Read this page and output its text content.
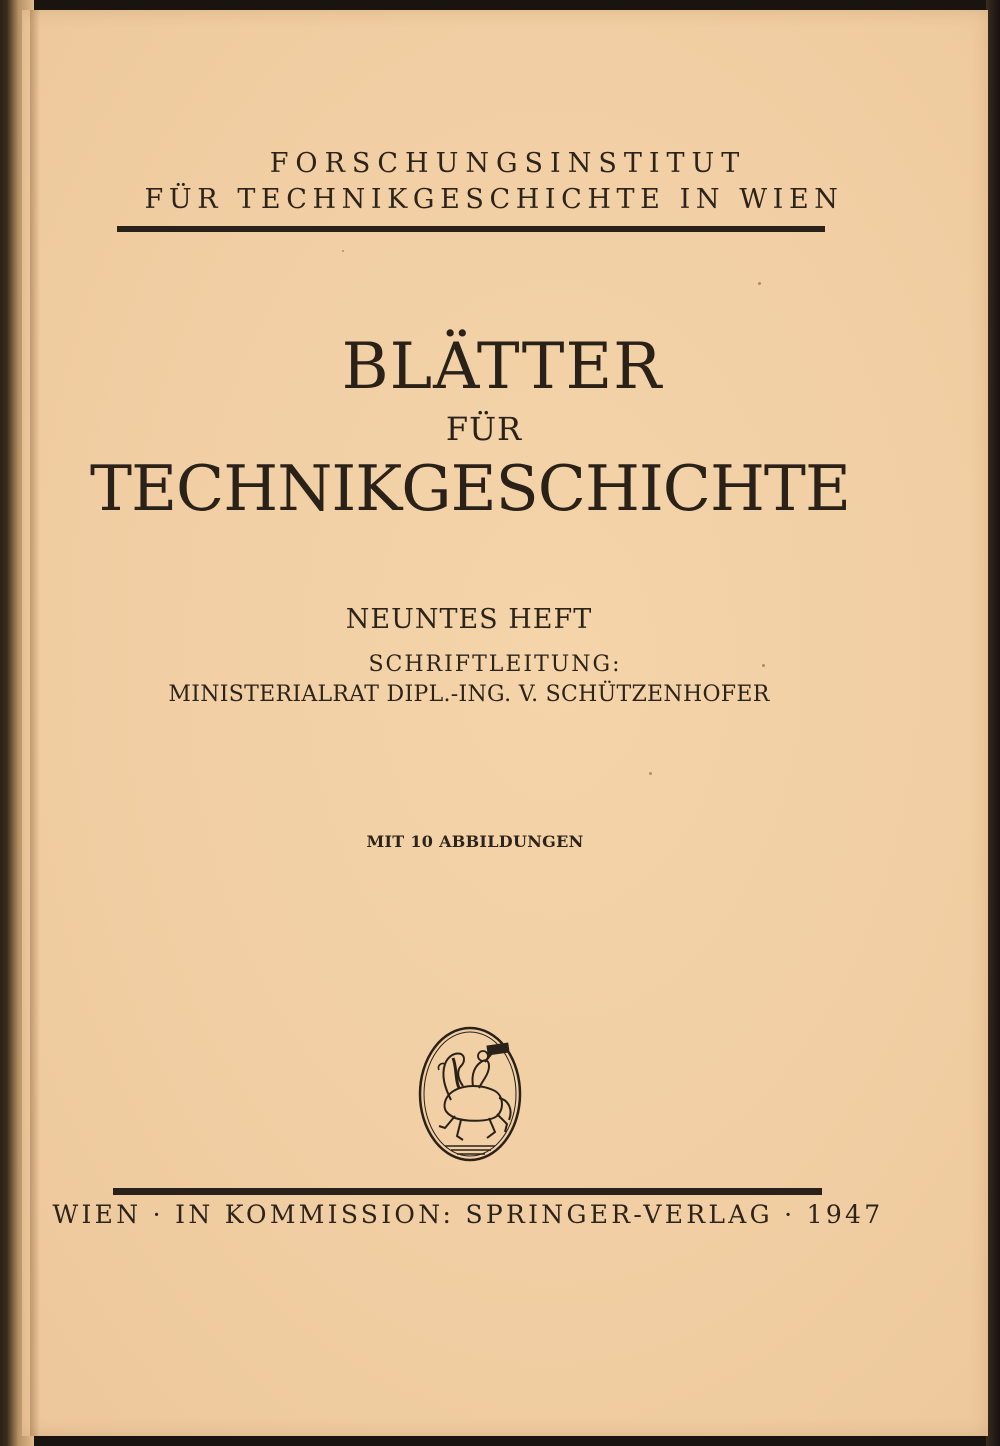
FORSCHUNGSINSTITUT
FÜR TECHNIKGESCHICHTE IN WIEN
BLÄTTER
FÜR
TECHNIKGESCHICHTE
NEUNTES HEFT
SCHRIFTLEITUNG:
MINISTERIALRAT DIPL.-ING. V. SCHÜTZENHOFER
MIT 10 ABBILDUNGEN
WIEN · IN KOMMISSION: SPRINGER-VERLAG · 1947
